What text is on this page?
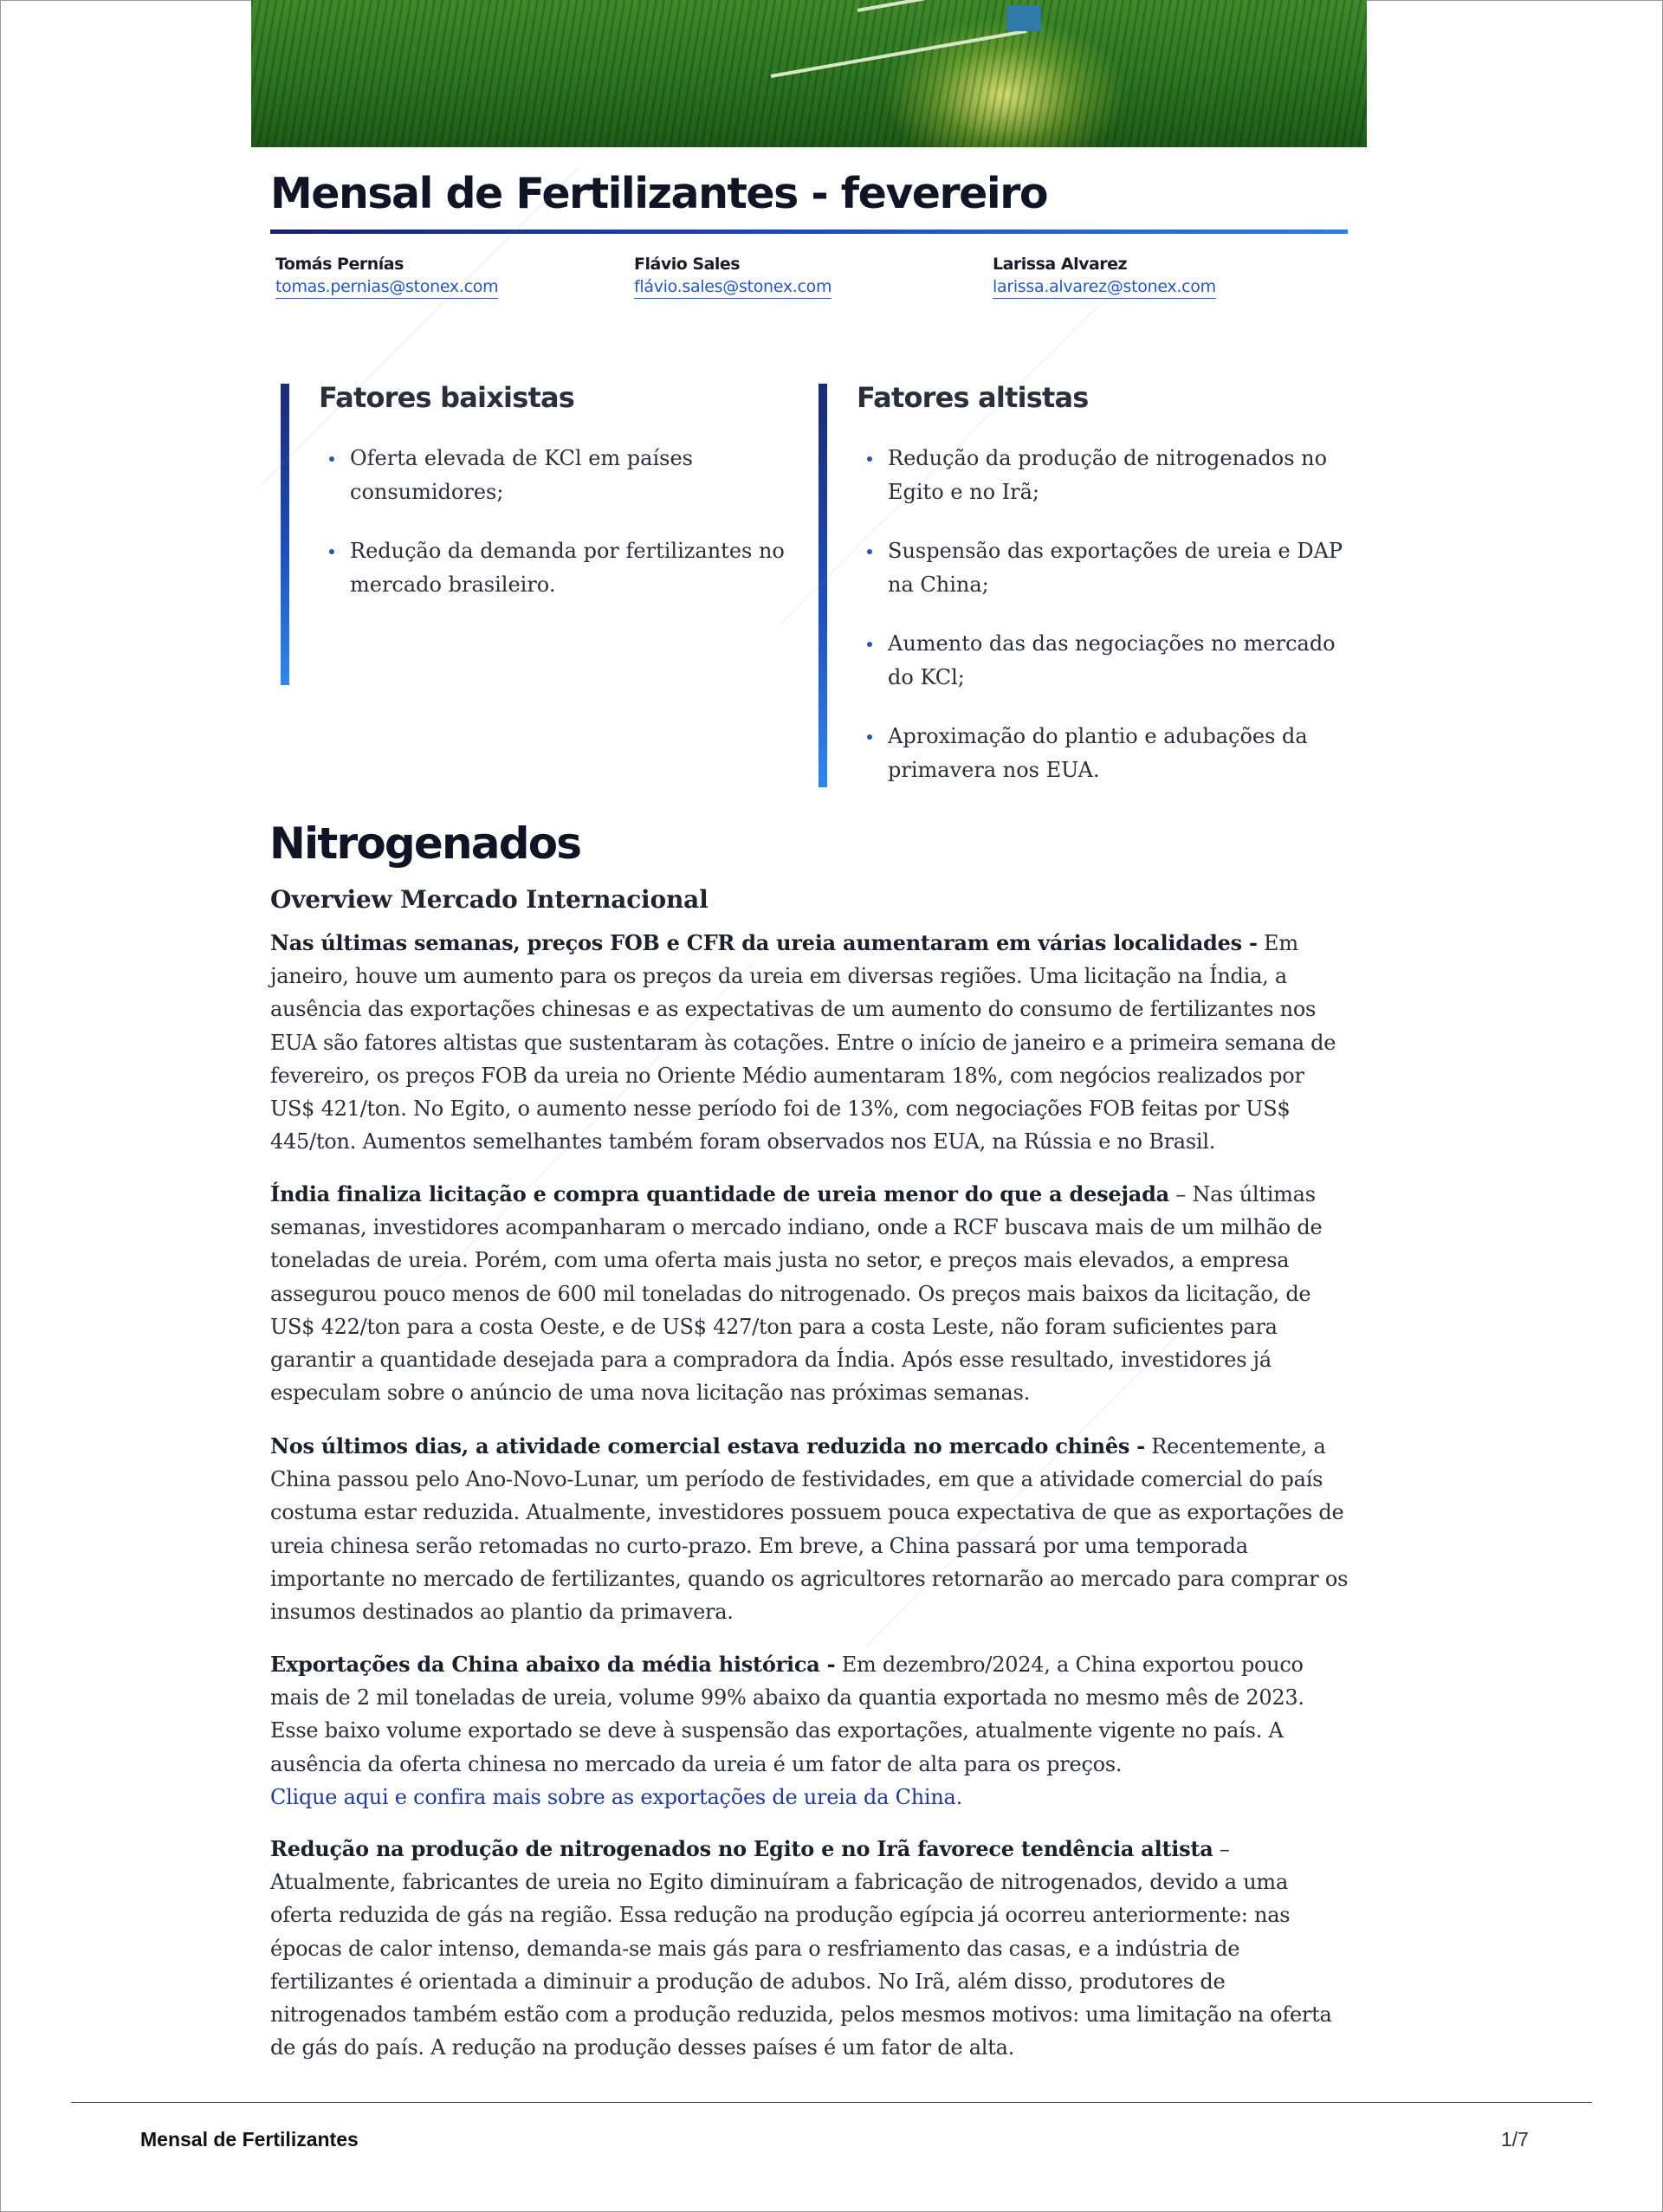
Mensal de Fertilizantes - fevereiro
Tomás Pernías
tomas.pernias@stonex.com
Flávio Sales
flávio.sales@stonex.com
Larissa Alvarez
larissa.alvarez@stonex.com
Fatores baixistas
Oferta elevada de KCl em países consumidores;
Redução da demanda por fertilizantes no mercado brasileiro.
Fatores altistas
Redução da produção de nitrogenados no Egito e no Irã;
Suspensão das exportações de ureia e DAP na China;
Aumento das das negociações no mercado do KCl;
Aproximação do plantio e adubações da primavera nos EUA.
Nitrogenados
Overview Mercado Internacional

Nas últimas semanas, preços FOB e CFR da ureia aumentaram em várias localidades - Em janeiro, houve um aumento para os preços da ureia em diversas regiões. Uma licitação na Índia, a ausência das exportações chinesas e as expectativas de um aumento do consumo de fertilizantes nos EUA são fatores altistas que sustentaram às cotações. Entre o início de janeiro e a primeira semana de fevereiro, os preços FOB da ureia no Oriente Médio aumentaram 18%, com negócios realizados por US$ 421/ton. No Egito, o aumento nesse período foi de 13%, com negociações FOB feitas por US$ 445/ton. Aumentos semelhantes também foram observados nos EUA, na Rússia e no Brasil.

Índia finaliza licitação e compra quantidade de ureia menor do que a desejada – Nas últimas semanas, investidores acompanharam o mercado indiano, onde a RCF buscava mais de um milhão de toneladas de ureia. Porém, com uma oferta mais justa no setor, e preços mais elevados, a empresa assegurou pouco menos de 600 mil toneladas do nitrogenado. Os preços mais baixos da licitação, de US$ 422/ton para a costa Oeste, e de US$ 427/ton para a costa Leste, não foram suficientes para garantir a quantidade desejada para a compradora da Índia. Após esse resultado, investidores já especulam sobre o anúncio de uma nova licitação nas próximas semanas.

Nos últimos dias, a atividade comercial estava reduzida no mercado chinês - Recentemente, a China passou pelo Ano-Novo-Lunar, um período de festividades, em que a atividade comercial do país costuma estar reduzida. Atualmente, investidores possuem pouca expectativa de que as exportações de ureia chinesa serão retomadas no curto-prazo. Em breve, a China passará por uma temporada importante no mercado de fertilizantes, quando os agricultores retornarão ao mercado para comprar os insumos destinados ao plantio da primavera.

Exportações da China abaixo da média histórica - Em dezembro/2024, a China exportou pouco mais de 2 mil toneladas de ureia, volume 99% abaixo da quantia exportada no mesmo mês de 2023. Esse baixo volume exportado se deve à suspensão das exportações, atualmente vigente no país. A ausência da oferta chinesa no mercado da ureia é um fator de alta para os preços.

Clique aqui e confira mais sobre as exportações de ureia da China.

Redução na produção de nitrogenados no Egito e no Irã favorece tendência altista – Atualmente, fabricantes de ureia no Egito diminuíram a fabricação de nitrogenados, devido a uma oferta reduzida de gás na região. Essa redução na produção egípcia já ocorreu anteriormente: nas épocas de calor intenso, demanda-se mais gás para o resfriamento das casas, e a indústria de fertilizantes é orientada a diminuir a produção de adubos. No Irã, além disso, produtores de nitrogenados também estão com a produção reduzida, pelos mesmos motivos: uma limitação na oferta de gás do país. A redução na produção desses países é um fator de alta.

Mensal de Fertilizantes	1/7
